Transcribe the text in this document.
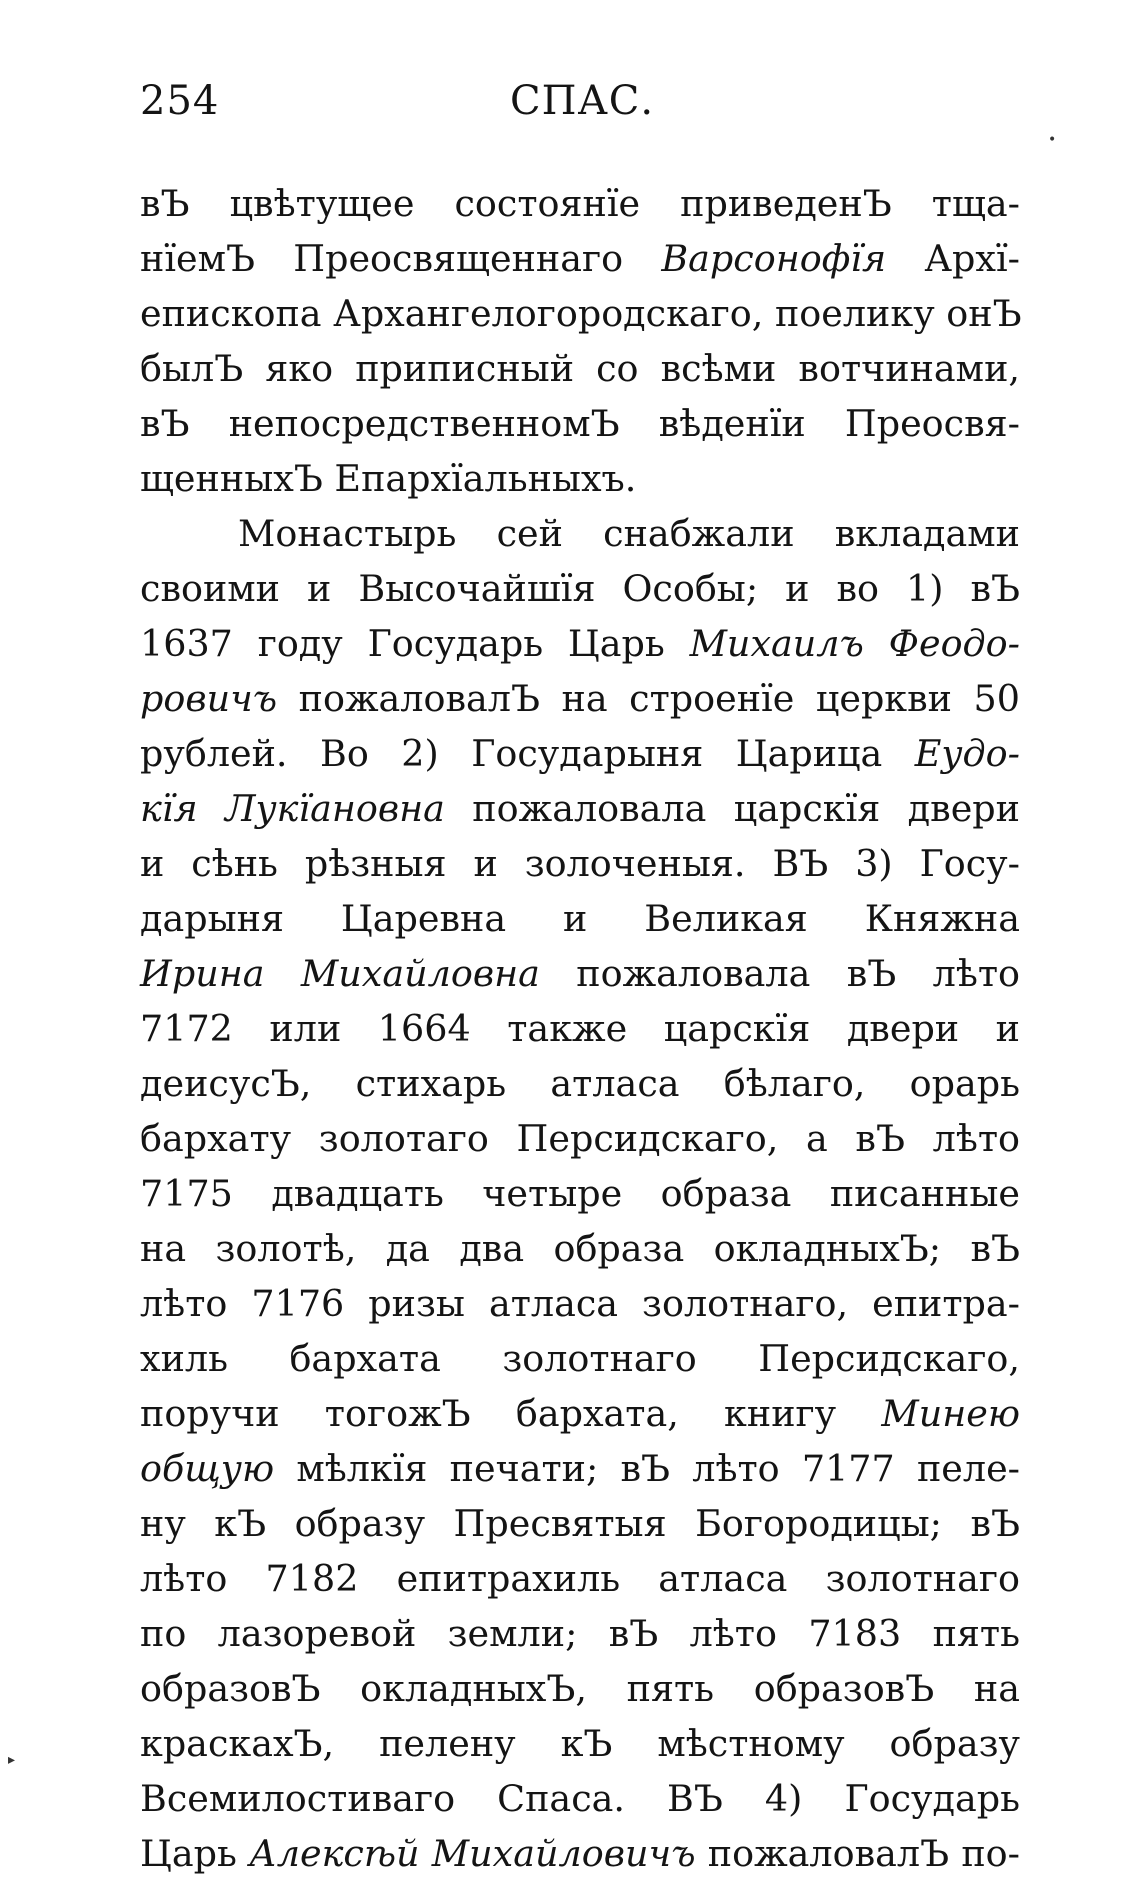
254	СПАС.
вЪ цвѣтущее состоянїе приведенЪ тща-
нїемЪ Преосвященнаго Варсонофїя Архї-
епископа Архангелогородскаго, поелику онЪ
былЪ яко приписный со всѣми вотчинами,
вЪ непосредственномЪ вѣденїи Преосвя-
щенныхЪ Епархїальныхъ.
Монастырь сей снабжали вкладами
своими и Высочайшїя Особы; и во 1) вЪ
1637 году Государь Царь Михаилъ Феодо-
ровичъ пожаловалЪ на строенїе церкви 50
рублей. Во 2) Государыня Царица Еудо-
кїя Лукїановна пожаловала царскїя двери
и сѣнь рѣзныя и золоченыя. ВЪ 3) Госу-
дарыня Царевна и Великая Княжна
Ирина Михайловна пожаловала вЪ лѣто
7172 или 1664 также царскїя двери и
деисусЪ, стихарь атласа бѣлаго, орарь
бархату золотаго Персидскаго, а вЪ лѣто
7175 двадцать четыре образа писанные
на золотѣ, да два образа окладныхЪ; вЪ
лѣто 7176 ризы атласа золотнаго, епитра-
хиль бархата золотнаго Персидскаго,
поручи тогожЪ бархата, книгу Минею
общую мѣлкїя печати; вЪ лѣто 7177 пеле-
ну кЪ образу Пресвятыя Богородицы; вЪ
лѣто 7182 епитрахиль атласа золотнаго
по лазоревой земли; вЪ лѣто 7183 пять
образовЪ окладныхЪ, пять образовЪ на
краскахЪ, пелену кЪ мѣстному образу
Всемилостиваго Спаса. ВЪ 4) Государь
Царь Алексѣй Михайловичъ пожаловалЪ по-
▸
•
